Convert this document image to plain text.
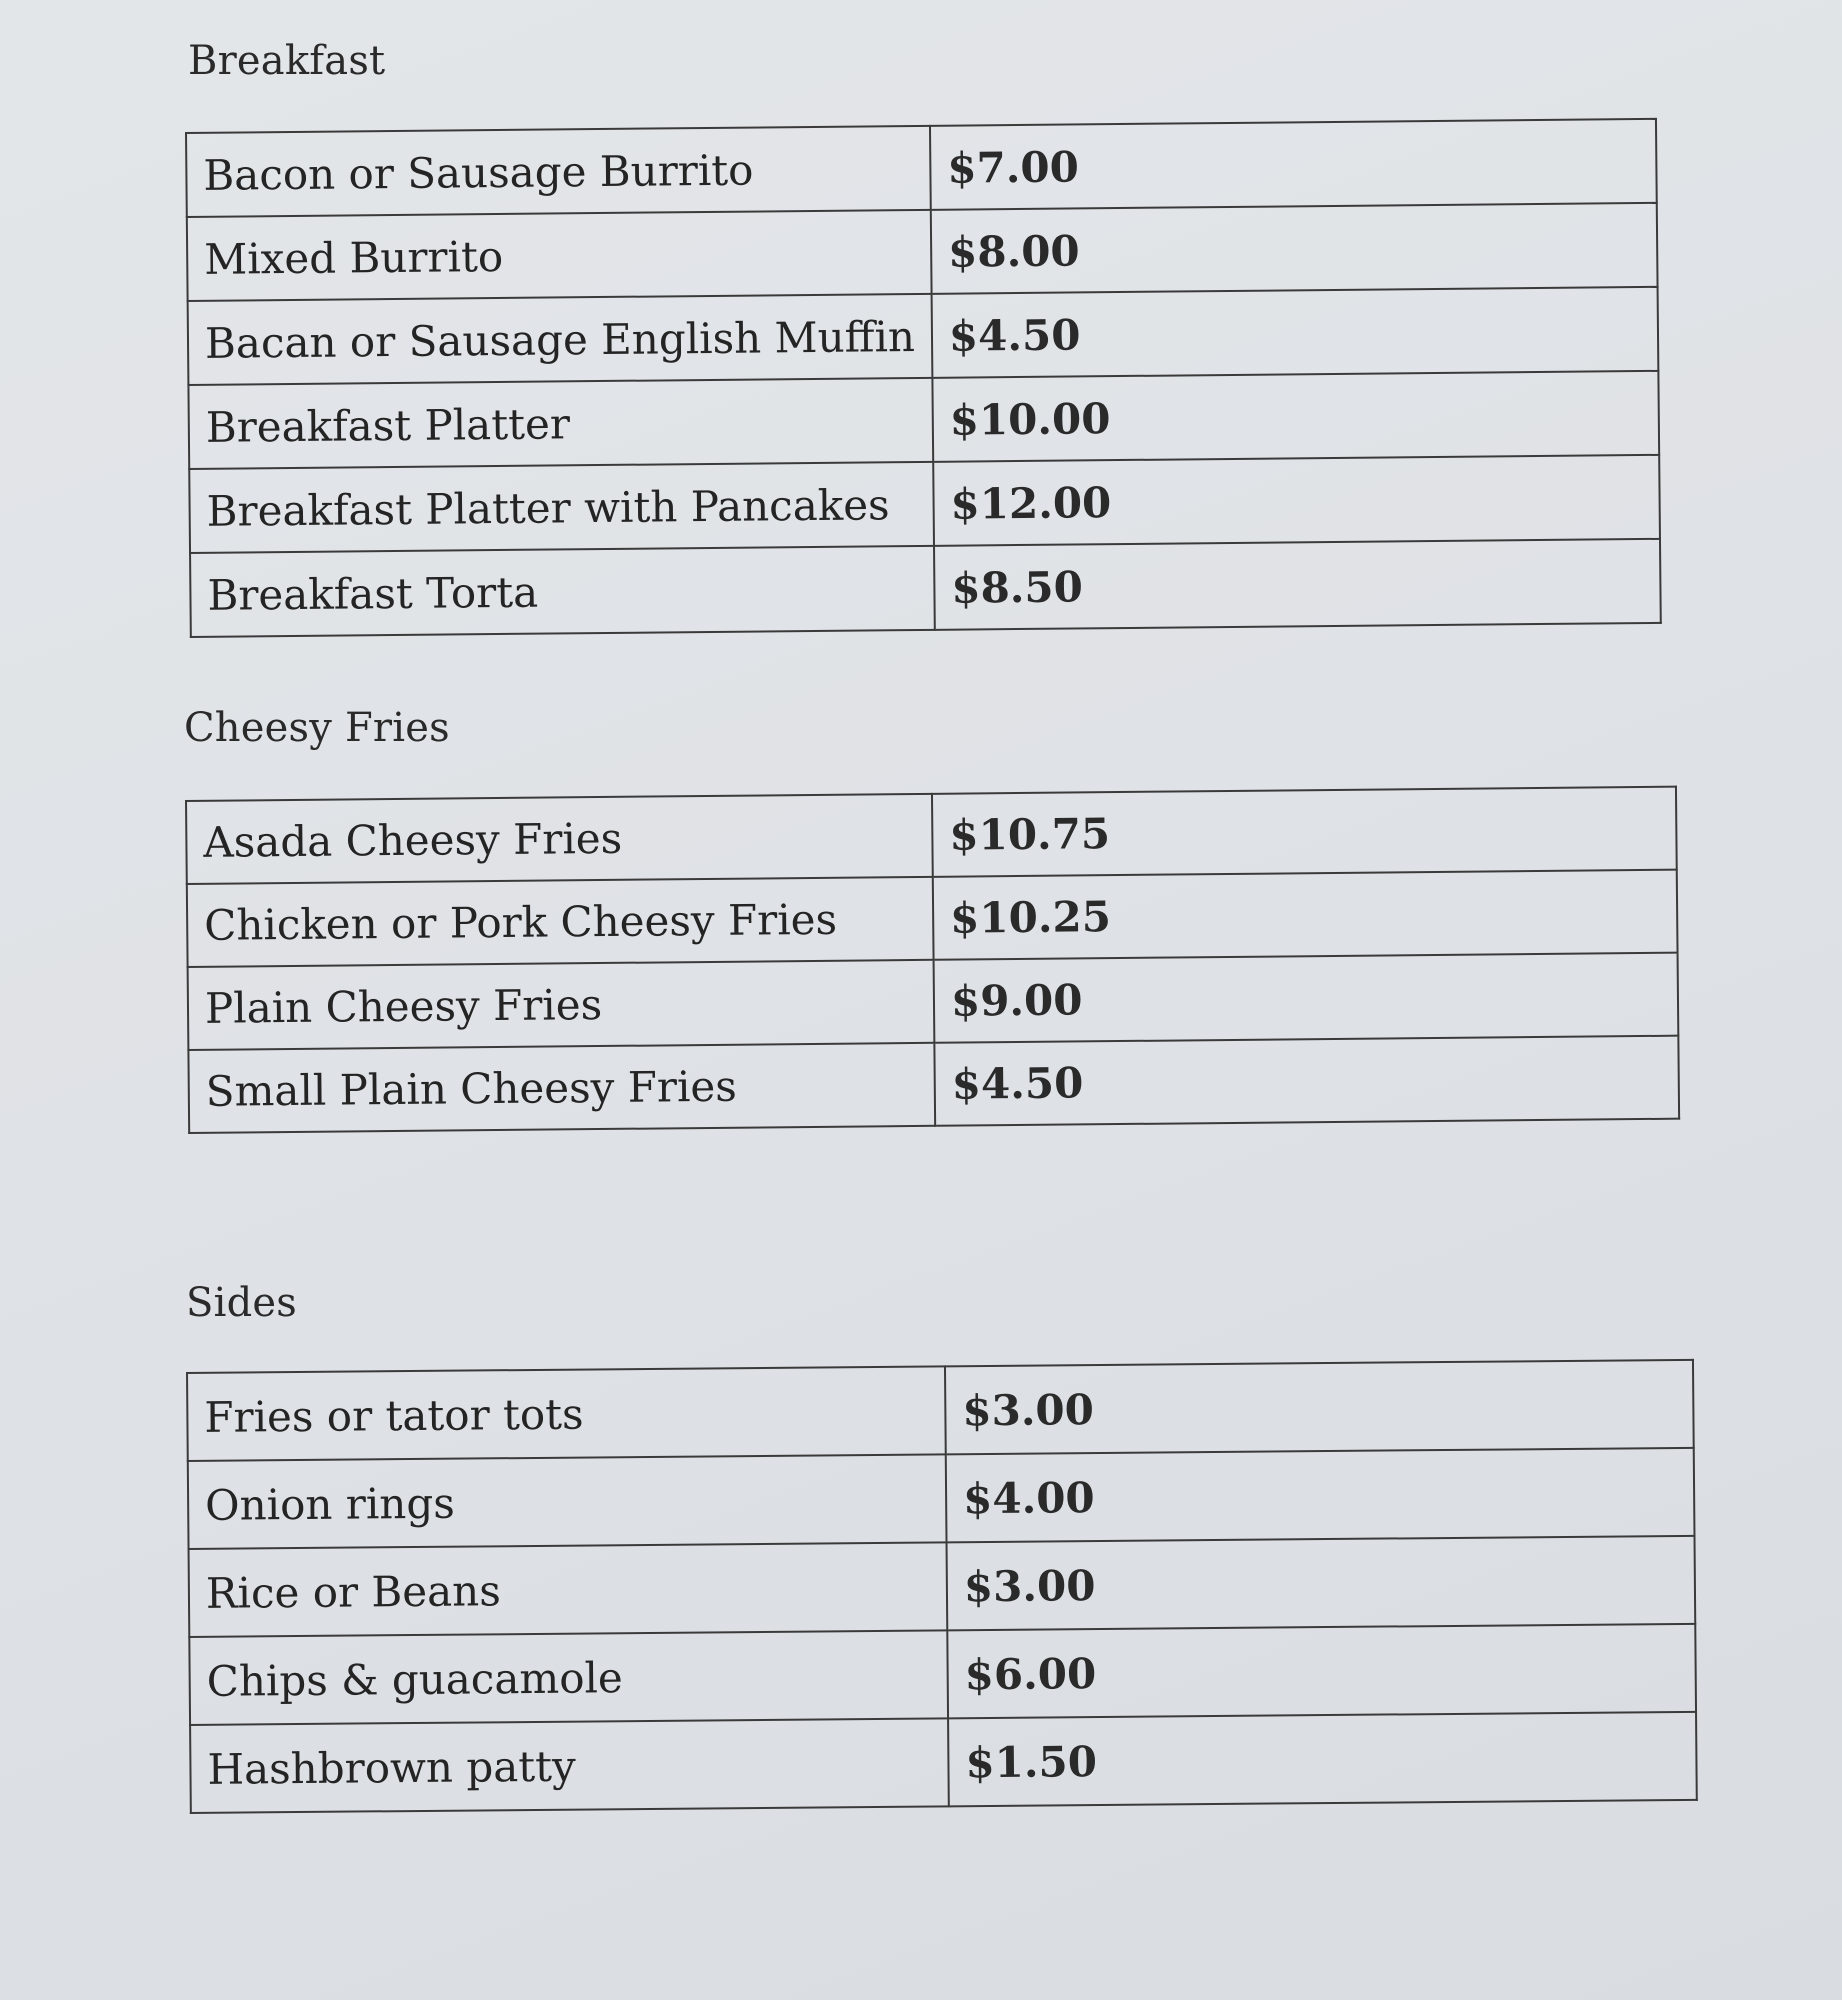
Breakfast
Bacon or Sausage Burrito	$7.00
Mixed Burrito	$8.00
Bacan or Sausage English Muffin	$4.50
Breakfast Platter	$10.00
Breakfast Platter with Pancakes	$12.00
Breakfast Torta	$8.50
Cheesy Fries
Asada Cheesy Fries	$10.75
Chicken or Pork Cheesy Fries	$10.25
Plain Cheesy Fries	$9.00
Small Plain Cheesy Fries	$4.50
Sides
Fries or tator tots	$3.00
Onion rings	$4.00
Rice or Beans	$3.00
Chips & guacamole	$6.00
Hashbrown patty	$1.50
